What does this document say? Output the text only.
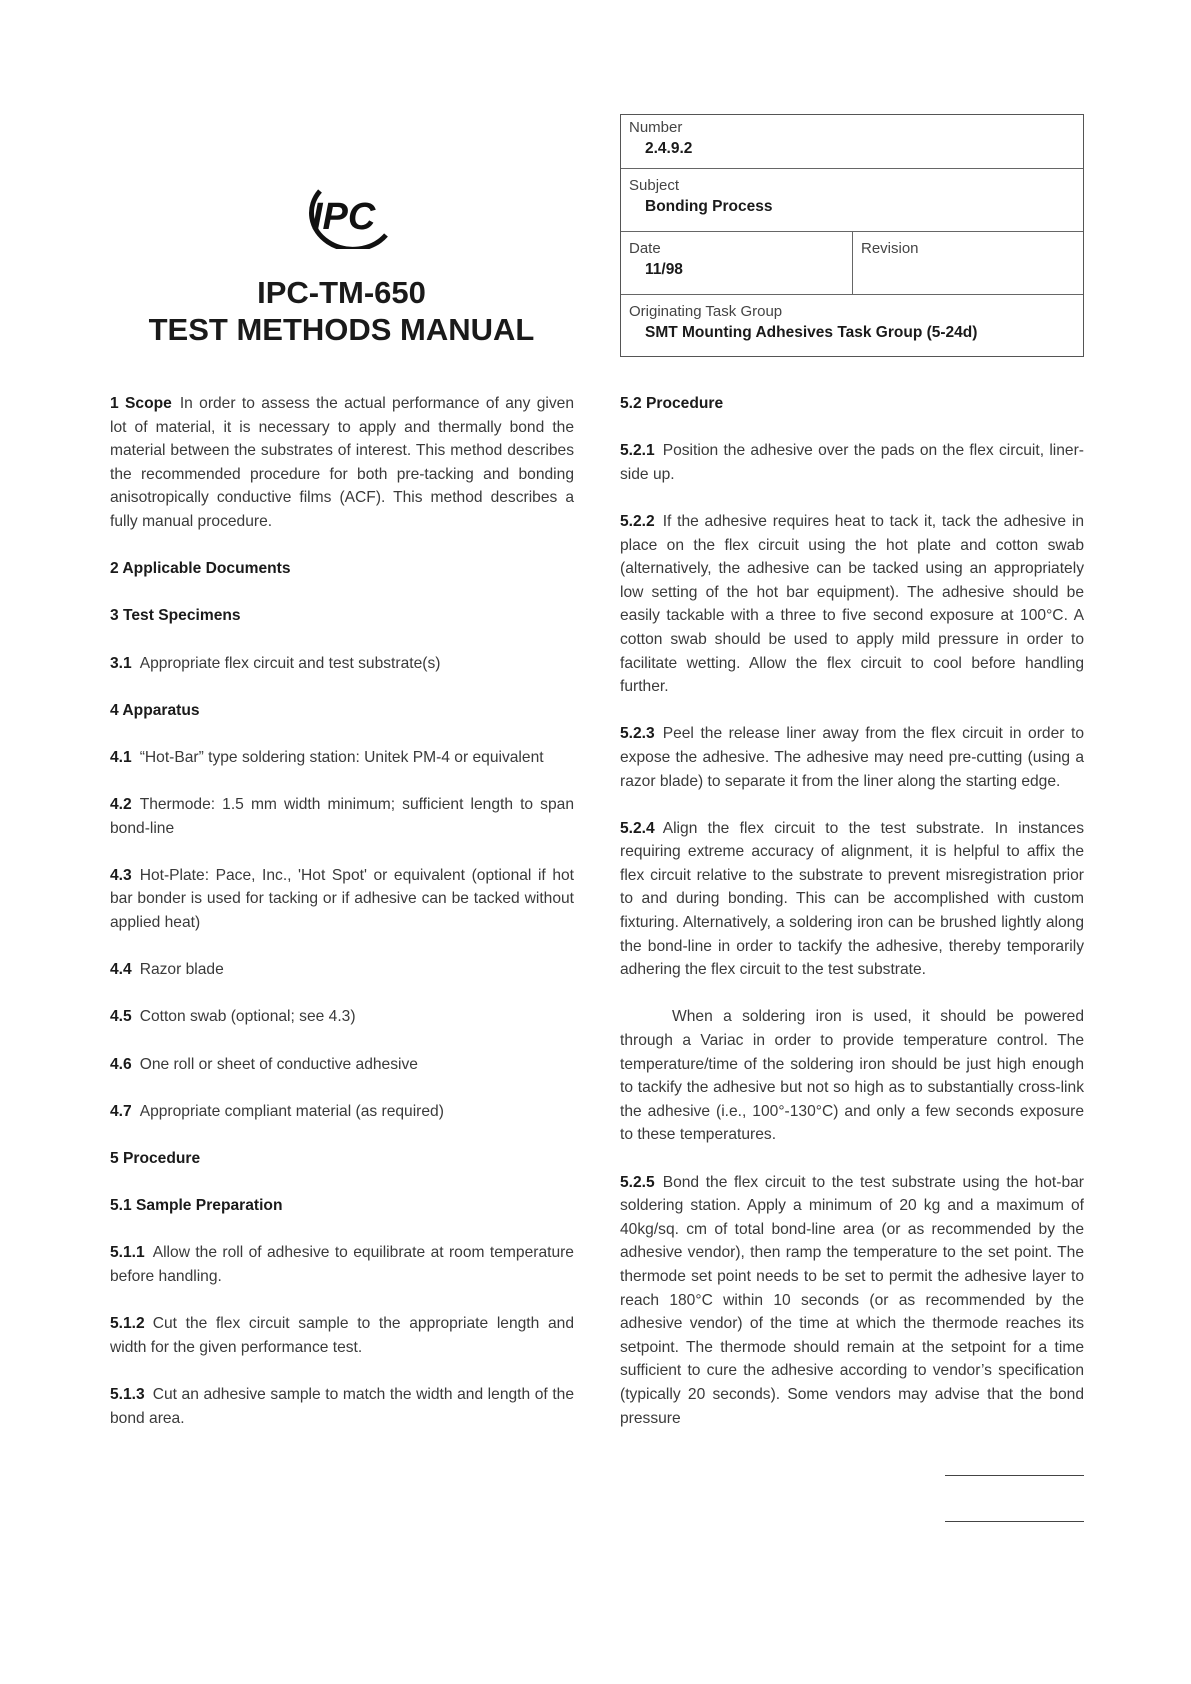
IPC
IPC-TM-650
TEST METHODS MANUAL
Number
2.4.9.2
Subject
Bonding Process
Date
11/98
Revision
Originating Task Group
SMT Mounting Adhesives Task Group (5-24d)

1 Scope In order to assess the actual performance of any given lot of material, it is necessary to apply and thermally bond the material between the substrates of interest. This method describes the recommended procedure for both pre-tacking and bonding anisotropically conductive films (ACF). This method describes a fully manual procedure.

2 Applicable Documents

3 Test Specimens

3.1 Appropriate flex circuit and test substrate(s)

4 Apparatus

4.1 “Hot-Bar” type soldering station: Unitek PM-4 or equivalent

4.2 Thermode: 1.5 mm width minimum; sufficient length to span bond-line

4.3 Hot-Plate: Pace, Inc., 'Hot Spot' or equivalent (optional if hot bar bonder is used for tacking or if adhesive can be tacked without applied heat)

4.4 Razor blade

4.5 Cotton swab (optional; see 4.3)

4.6 One roll or sheet of conductive adhesive

4.7 Appropriate compliant material (as required)

5 Procedure

5.1 Sample Preparation

5.1.1 Allow the roll of adhesive to equilibrate at room temperature before handling.

5.1.2 Cut the flex circuit sample to the appropriate length and width for the given performance test.

5.1.3 Cut an adhesive sample to match the width and length of the bond area.

5.2 Procedure

5.2.1 Position the adhesive over the pads on the flex circuit, liner-side up.

5.2.2 If the adhesive requires heat to tack it, tack the adhesive in place on the flex circuit using the hot plate and cotton swab (alternatively, the adhesive can be tacked using an appropriately low setting of the hot bar equipment). The adhesive should be easily tackable with a three to five second exposure at 100°C. A cotton swab should be used to apply mild pressure in order to facilitate wetting. Allow the flex circuit to cool before handling further.

5.2.3 Peel the release liner away from the flex circuit in order to expose the adhesive. The adhesive may need pre-cutting (using a razor blade) to separate it from the liner along the starting edge.

5.2.4 Align the flex circuit to the test substrate. In instances requiring extreme accuracy of alignment, it is helpful to affix the flex circuit relative to the substrate to prevent misregistration prior to and during bonding. This can be accomplished with custom fixturing. Alternatively, a soldering iron can be brushed lightly along the bond-line in order to tackify the adhesive, thereby temporarily adhering the flex circuit to the test substrate.

When a soldering iron is used, it should be powered through a Variac in order to provide temperature control. The temperature/time of the soldering iron should be just high enough to tackify the adhesive but not so high as to substantially cross-link the adhesive (i.e., 100°-130°C) and only a few seconds exposure to these temperatures.

5.2.5 Bond the flex circuit to the test substrate using the hot-bar soldering station. Apply a minimum of 20 kg and a maximum of 40kg/sq. cm of total bond-line area (or as recommended by the adhesive vendor), then ramp the temperature to the set point. The thermode set point needs to be set to permit the adhesive layer to reach 180°C within 10 seconds (or as recommended by the adhesive vendor) of the time at which the thermode reaches its setpoint. The thermode should remain at the setpoint for a time sufficient to cure the adhesive according to vendor’s specification (typically 20 seconds). Some vendors may advise that the bond pressure
